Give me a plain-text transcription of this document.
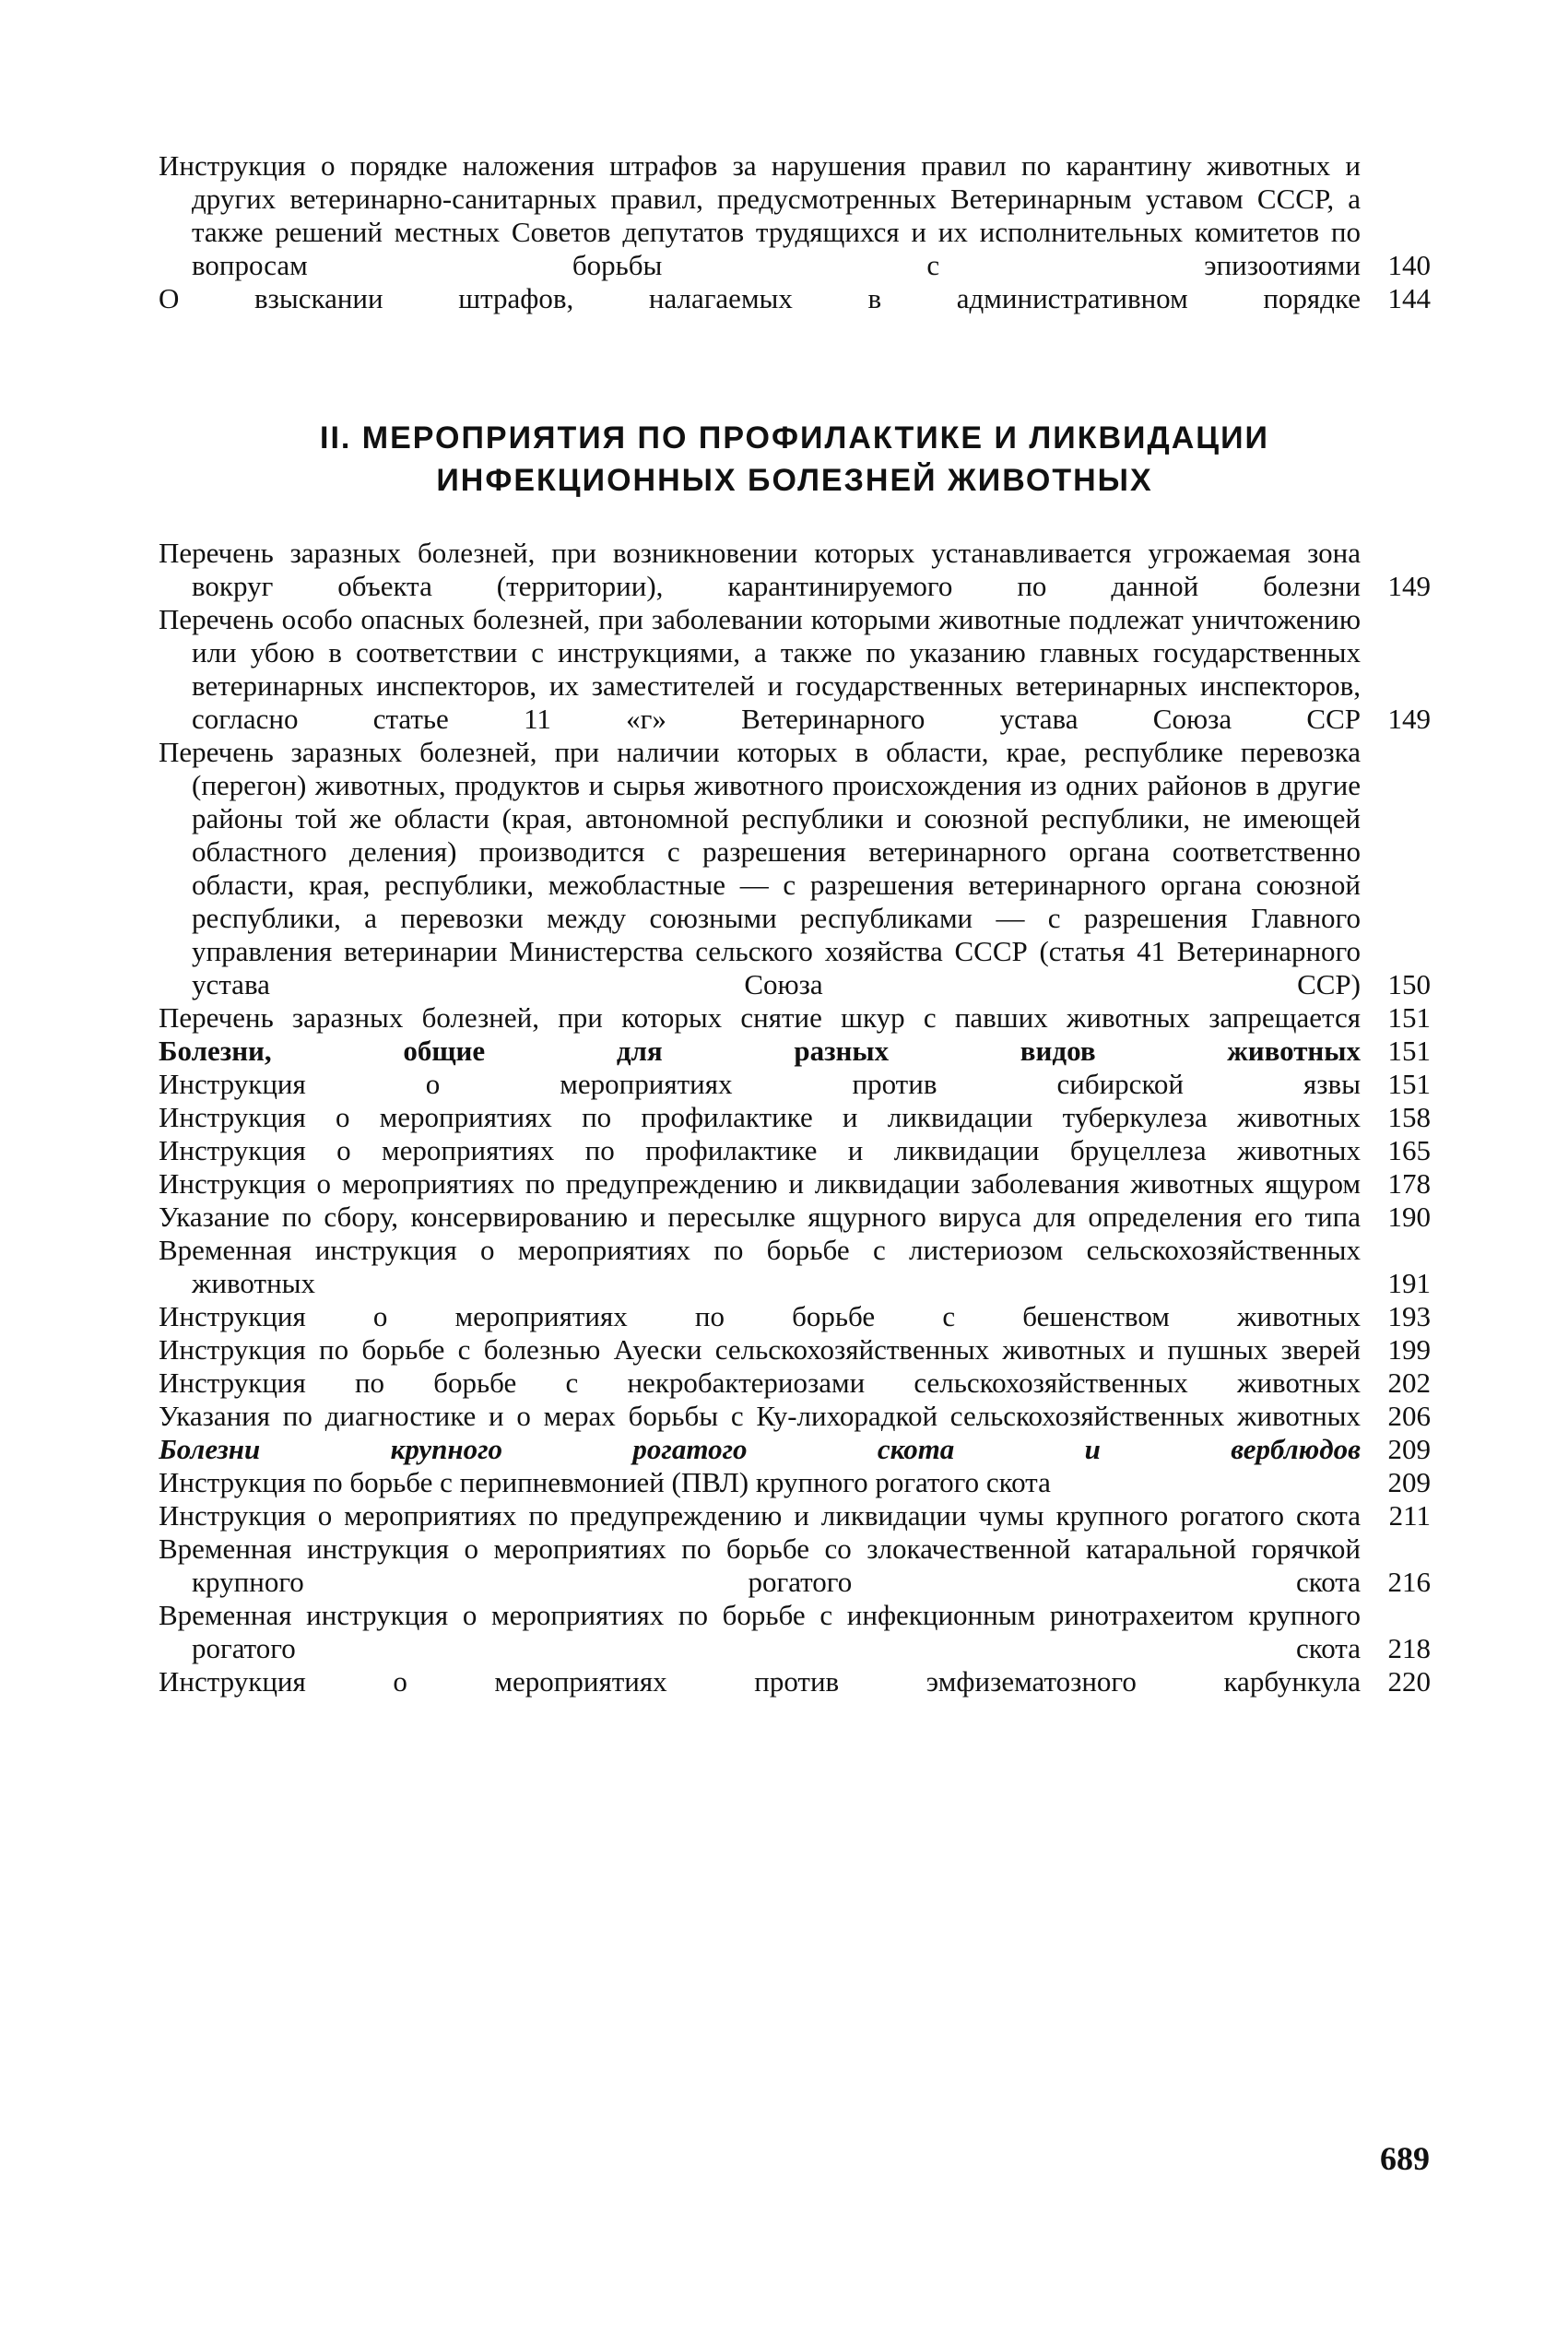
Инструкция о порядке наложения штрафов за нарушения правил по карантину животных и других ветеринарно-санитарных правил, предусмотренных Ветеринарным уставом СССР, а также решений местных Советов депутатов трудящихся и их исполнительных комитетов по вопросам борьбы с эпизоотиями 140
О взыскании штрафов, налагаемых в административном порядке 144
II. МЕРОПРИЯТИЯ ПО ПРОФИЛАКТИКЕ И ЛИКВИДАЦИИ
ИНФЕКЦИОННЫХ БОЛЕЗНЕЙ ЖИВОТНЫХ
Перечень заразных болезней, при возникновении которых устанавливается угрожаемая зона вокруг объекта (территории), карантинируемого по данной болезни 149
Перечень особо опасных болезней, при заболевании которыми животные подлежат уничтожению или убою в соответствии с инструкциями, а также по указанию главных государственных ветеринарных инспекторов, их заместителей и государственных ветеринарных инспекторов, согласно статье 11 «г» Ветеринарного устава Союза ССР 149
Перечень заразных болезней, при наличии которых в области, крае, республике перевозка (перегон) животных, продуктов и сырья животного происхождения из одних районов в другие районы той же области (края, автономной республики и союзной республики, не имеющей областного деления) производится с разрешения ветеринарного органа соответственно области, края, республики, межобластные — с разрешения ветеринарного органа союзной республики, а перевозки между союзными республиками — с разрешения Главного управления ветеринарии Министерства сельского хозяйства СССР (статья 41 Ветеринарного устава Союза ССР) 150
Перечень заразных болезней, при которых снятие шкур с павших животных запрещается 151
Болезни, общие для разных видов животных 151
Инструкция о мероприятиях против сибирской язвы 151
Инструкция о мероприятиях по профилактике и ликвидации туберкулеза животных 158
Инструкция о мероприятиях по профилактике и ликвидации бруцеллеза животных 165
Инструкция о мероприятиях по предупреждению и ликвидации заболевания животных ящуром 178
Указание по сбору, консервированию и пересылке ящурного вируса для определения его типа 190
Временная инструкция о мероприятиях по борьбе с листериозом сельскохозяйственных животных	191
Инструкция о мероприятиях по борьбе с бешенством животных 193
Инструкция по борьбе с болезнью Ауески сельскохозяйственных животных и пушных зверей 199
Инструкция по борьбе с некробактериозами сельскохозяйственных животных 202
Указания по диагностике и о мерах борьбы с Ку-лихорадкой сельскохозяйственных животных 206
Болезни крупного рогатого скота и верблюдов 209
Инструкция по борьбе с перипневмонией (ПВЛ) крупного рогатого скота	209
Инструкция о мероприятиях по предупреждению и ликвидации чумы крупного рогатого скота 211
Временная инструкция о мероприятиях по борьбе со злокачественной катаральной горячкой крупного рогатого скота 216
Временная инструкция о мероприятиях по борьбе с инфекционным ринотрахеитом крупного рогатого скота 218
Инструкция о мероприятиях против эмфизематозного карбункула 220
689
